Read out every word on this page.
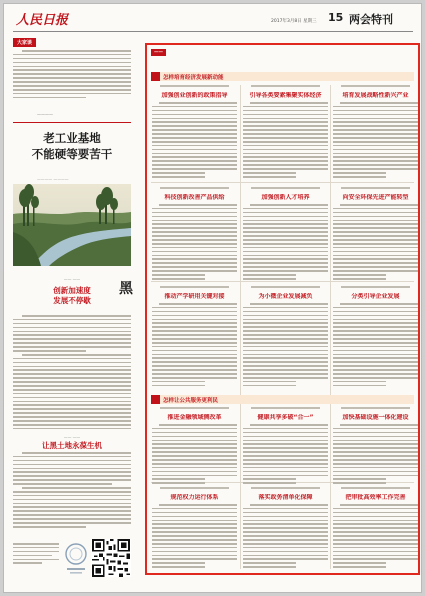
人民日报	2017年3月8日 星期三 15 两会特刊
大家谈
————
老工业基地
不能硬等要苦干
———— ————
黑
—— ——
创新加速度
发展不停歇
—— ——
让黑土地永葆生机
——
怎样培育经济发展新动能
加强创业创新的政策指导	引导各类要素集聚实体经济	培育发展战略性新兴产业
科技创新改善产品供给	加强创新人才培养	向安全环保先进产能转型
推动产学研用关键对接	为小微企业发展减负	分类引导企业发展
怎样让公共服务更利民
推进金融领域侧改革	健康共享多破“合一”	加快基础设施一体化建设
规范权力运行体系	落实政务清单化保障	把审批高效率工作完善
